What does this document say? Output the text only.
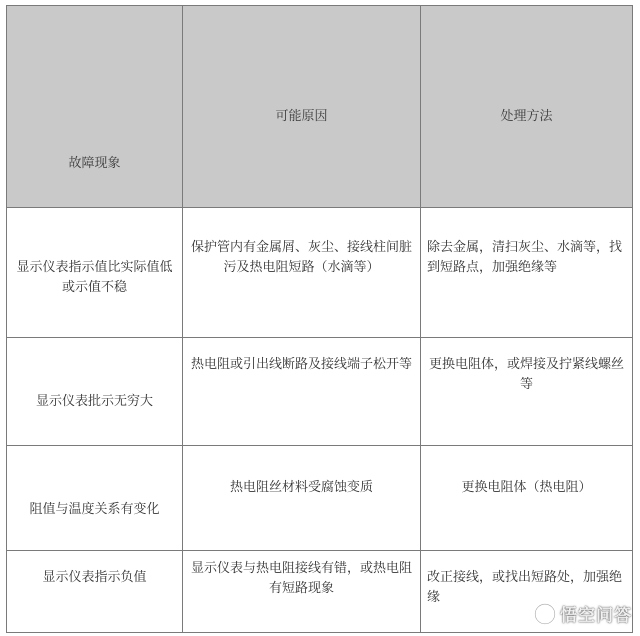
故障现象	可能原因	处理方法
显示仪表指示值比实际值低或示值不稳	保护管内有金属屑、灰尘、接线柱间脏污及热电阻短路（水滴等）	除去金属，清扫灰尘、水滴等，找到短路点，加强绝缘等
显示仪表批示无穷大	热电阻或引出线断路及接线端子松开等	更换电阻体，或焊接及拧紧线螺丝等
阻值与温度关系有变化	热电阻丝材料受腐蚀变质	更换电阻体（热电阻）
显示仪表指示负值	显示仪表与热电阻接线有错，或热电阻有短路现象	改正接线，或找出短路处，加强绝缘
悟空问答
